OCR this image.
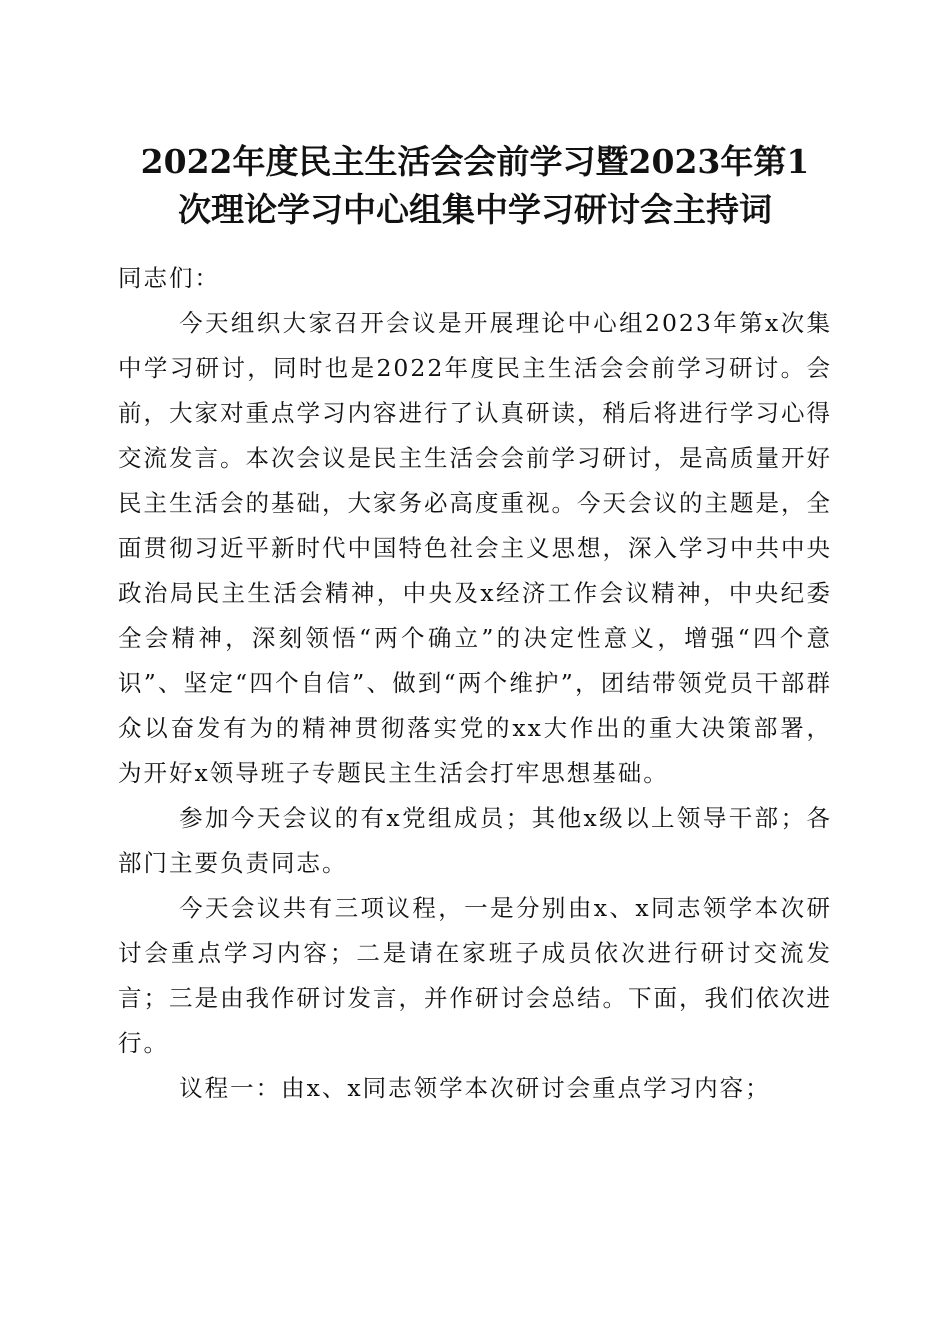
2022年度民主生活会会前学习暨2023年第1
次理论学习中心组集中学习研讨会主持词

同志们：

今天组织大家召开会议是开展理论中心组2023年第x次集中学习研讨，同时也是2022年度民主生活会会前学习研讨。会前，大家对重点学习内容进行了认真研读，稍后将进行学习心得交流发言。本次会议是民主生活会会前学习研讨，是高质量开好民主生活会的基础，大家务必高度重视。今天会议的主题是，全面贯彻习近平新时代中国特色社会主义思想，深入学习中共中央政治局民主生活会精神，中央及x经济工作会议精神，中央纪委全会精神，深刻领悟“两个确立”的决定性意义，增强“四个意识”、坚定“四个自信”、做到“两个维护”，团结带领党员干部群众以奋发有为的精神贯彻落实党的xx大作出的重大决策部署，为开好x领导班子专题民主生活会打牢思想基础。

参加今天会议的有x党组成员；其他x级以上领导干部；各部门主要负责同志。

今天会议共有三项议程，一是分别由x、x同志领学本次研讨会重点学习内容；二是请在家班子成员依次进行研讨交流发言；三是由我作研讨发言，并作研讨会总结。下面，我们依次进行。

议程一：由x、x同志领学本次研讨会重点学习内容；
